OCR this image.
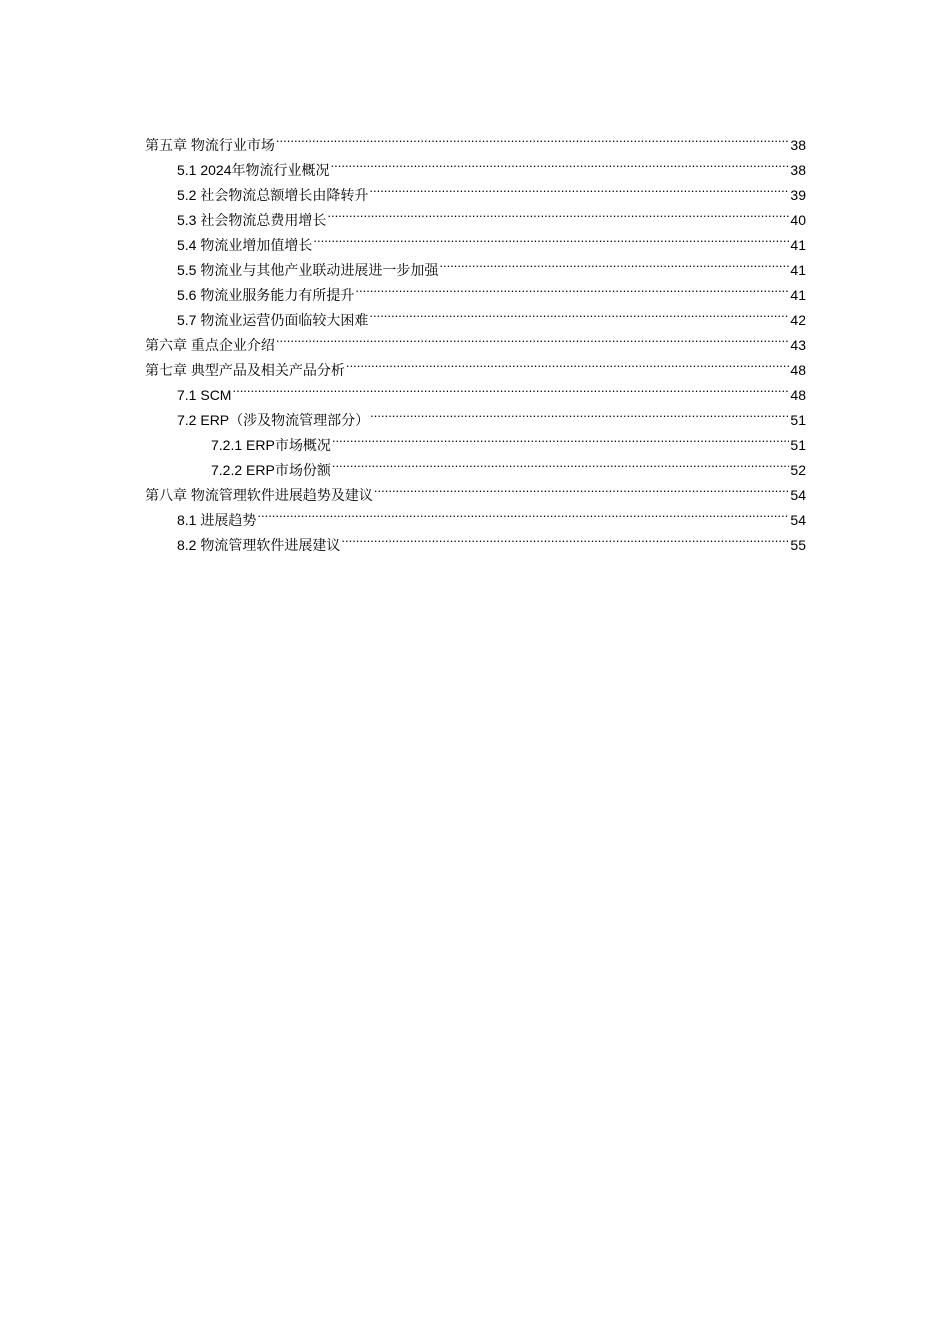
第五章 物流行业市场 .....	38
5.1 2024年物流行业概况 .....	38
5.2 社会物流总额增长由降转升 .....	39
5.3 社会物流总费用增长 .....	40
5.4 物流业增加值增长 .....	41
5.5 物流业与其他产业联动进展进一步加强 .....	41
5.6 物流业服务能力有所提升 .....	41
5.7 物流业运营仍面临较大困难 .....	42
第六章 重点企业介绍 .....	43
第七章 典型产品及相关产品分析 .....	48
7.1 SCM .....	48
7.2 ERP（涉及物流管理部分） .....	51
7.2.1 ERP市场概况 .....	51
7.2.2 ERP市场份额 .....	52
第八章 物流管理软件进展趋势及建议 .....	54
8.1 进展趋势 .....	54
8.2 物流管理软件进展建议 .....	55
